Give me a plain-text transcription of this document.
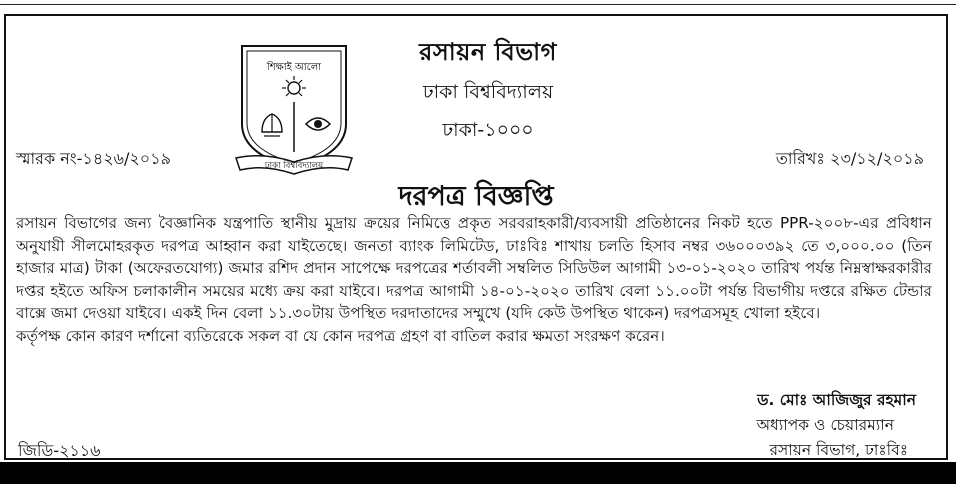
শিক্ষাই আলো
ঢাকা বিশ্ববিদ্যালয়
রসায়ন বিভাগ
ঢাকা বিশ্ববিদ্যালয়
ঢাকা-১০০০
স্মারক নং-১৪২৬/২০১৯	তারিখঃ ২৩/১২/২০১৯
দরপত্র বিজ্ঞপ্তি

রসায়ন বিভাগের জন্য বৈজ্ঞানিক যন্ত্রপাতি স্থানীয় মুদ্রায় ক্রয়ের নিমিত্তে প্রকৃত সরবরাহকারী/ব্যবসায়ী প্রতিষ্ঠানের নিকট হতে PPR-২০০৮-এর প্রবিধান অনুযায়ী সীলমোহরকৃত দরপত্র আহ্বান করা যাইতেছে। জনতা ব্যাংক লিমিটেড, ঢাঃবিঃ শাখায় চলতি হিসাব নম্বর ৩৬০০০৩৯২ তে ৩,০০০.০০ (তিন হাজার মাত্র) টাকা (অফেরতযোগ্য) জমার রশিদ প্রদান সাপেক্ষে দরপত্রের শর্তাবলী সম্বলিত সিডিউল আগামী ১৩-০১-২০২০ তারিখ পর্যন্ত নিম্নস্বাক্ষরকারীর দপ্তর হইতে অফিস চলাকালীন সময়ের মধ্যে ক্রয় করা যাইবে। দরপত্র আগামী ১৪-০১-২০২০ তারিখ বেলা ১১.০০টা পর্যন্ত বিভাগীয় দপ্তরে রক্ষিত টেন্ডার বাক্সে জমা দেওয়া যাইবে। একই দিন বেলা ১১.৩০টায় উপস্থিত দরদাতাদের সম্মুখে (যদি কেউ উপস্থিত থাকেন) দরপত্রসমূহ খোলা হইবে।

কর্তৃপক্ষ কোন কারণ দর্শানো ব্যতিরেকে সকল বা যে কোন দরপত্র গ্রহণ বা বাতিল করার ক্ষমতা সংরক্ষণ করেন।

ড. মোঃ আজিজুর রহমান
অধ্যাপক ও চেয়ারম্যান
রসায়ন বিভাগ, ঢাঃবিঃ
জিডি-২১১৬
